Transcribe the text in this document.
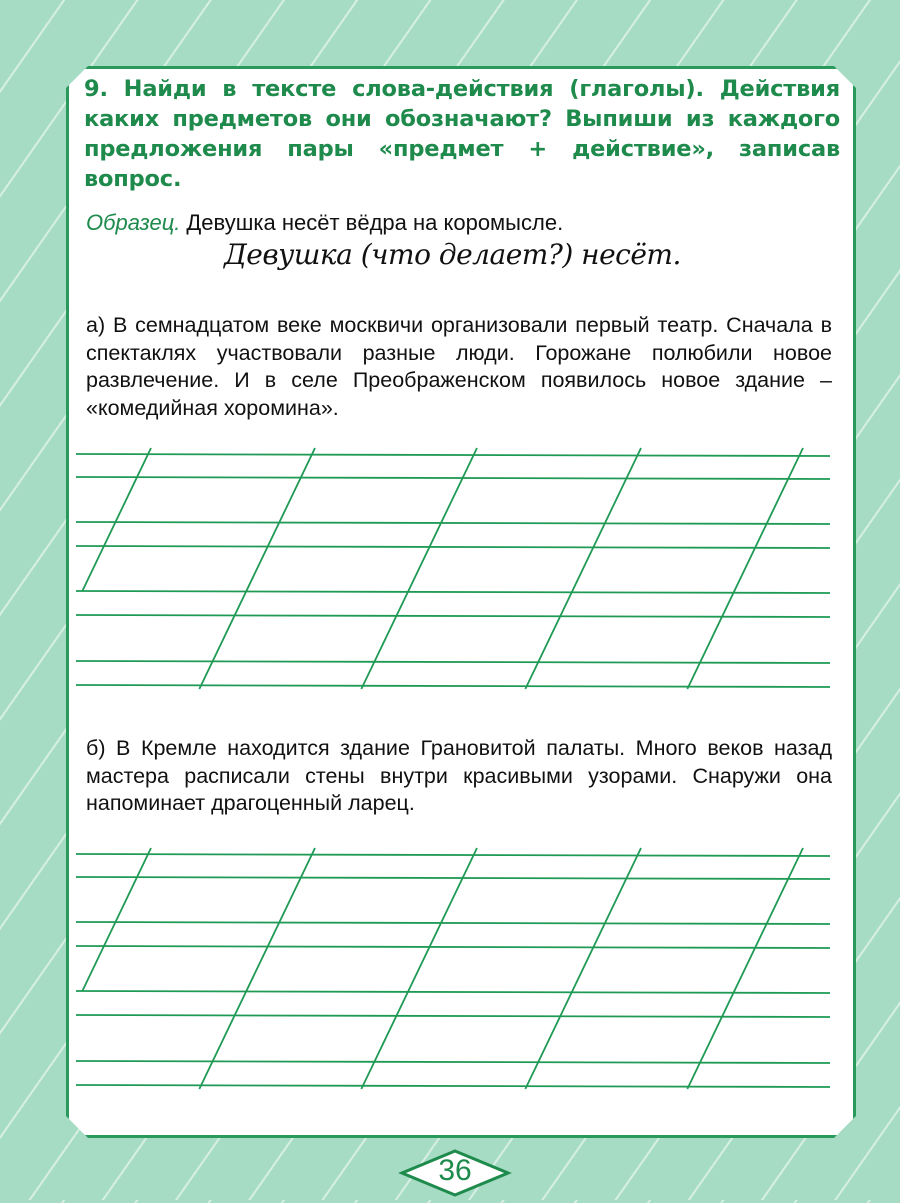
9. Найди в тексте слова-действия (глаголы). Действия каких предметов они обозначают? Выпиши из каждого предложения пары «предмет + действие», записав вопрос.
Образец. Девушка несёт вёдра на коромысле.
Девушка (что делает?) несёт.
а) В семнадцатом веке москвичи организовали первый театр. Сначала в спектаклях участвовали разные люди. Горожане полюбили новое развлечение. И в селе Преображенском появилось новое здание – «комедийная хоромина».
б) В Кремле находится здание Грановитой палаты. Много веков назад мастера расписали стены внутри красивыми узорами. Снаружи она напоминает драгоценный ларец.
36
